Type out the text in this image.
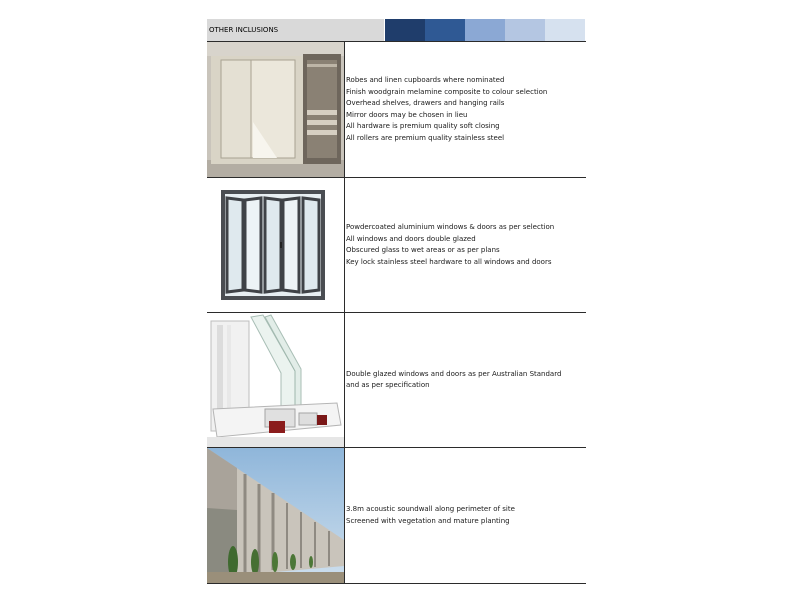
OTHER INCLUSIONS
Robes and linen cupboards where nominated
Finish woodgrain melamine composite to colour selection
Overhead shelves, drawers and hanging rails
Mirror doors may be chosen in lieu
All hardware is premium quality soft closing
All rollers are premium quality stainless steel
Powdercoated aluminium windows & doors as per selection
All windows and doors double glazed
Obscured glass to wet areas or as per plans
Key lock stainless steel hardware to all windows and doors
Double glazed windows and doors as per Australian Standard
and as per specification
3.8m acoustic soundwall along perimeter of site
Screened with vegetation and mature planting
